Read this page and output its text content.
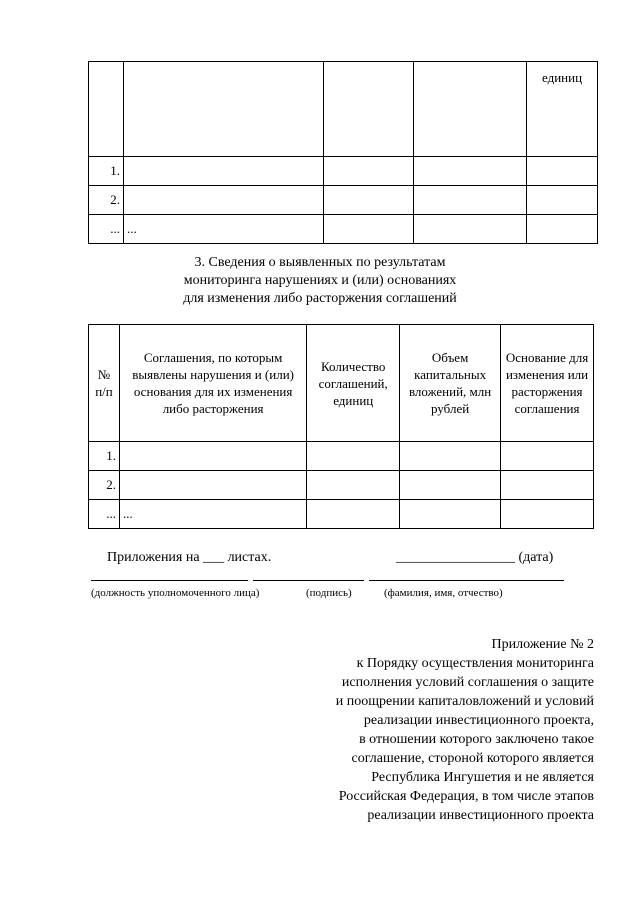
				единиц
1.				
2.				
...	...			
3. Сведения о выявленных по результатам
мониторинга нарушениях и (или) основаниях
для изменения либо расторжения соглашений
№ п/п	Соглашения, по которым выявлены нарушения и (или) основания для их изменения либо расторжения	Количество соглашений, единиц	Объем капитальных вложений, млн рублей	Основание для изменения или расторжения соглашения
1.				
2.				
...	...			
Приложения на ___ листах.	_________________ (дата)
(должность уполномоченного лица)	(подпись)	(фамилия, имя, отчество)
Приложение № 2
к Порядку осуществления мониторинга
исполнения условий соглашения о защите
и поощрении капиталовложений и условий
реализации инвестиционного проекта,
в отношении которого заключено такое
соглашение, стороной которого является
Республика Ингушетия и не является
Российская Федерация, в том числе этапов
реализации инвестиционного проекта
